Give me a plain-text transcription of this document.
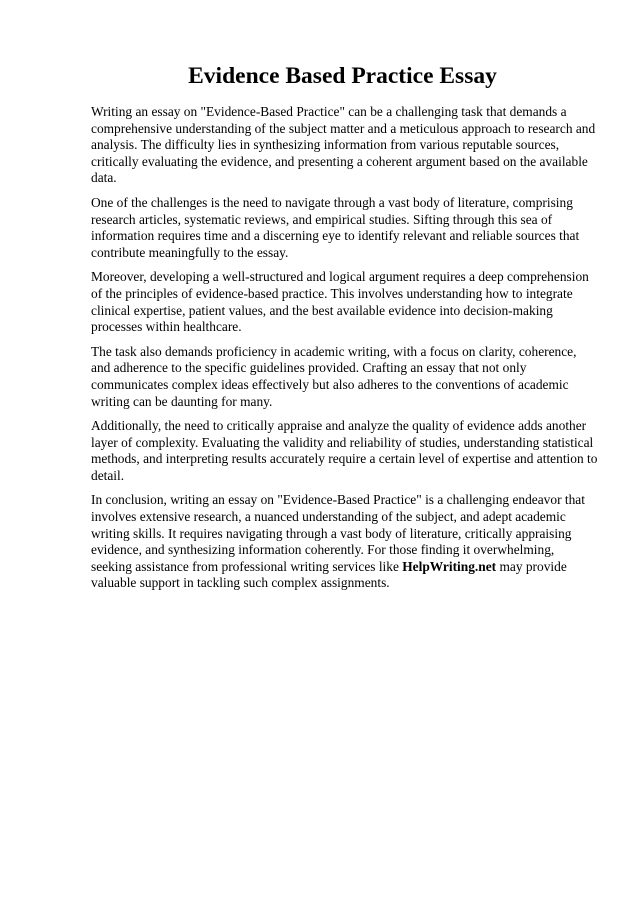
Evidence Based Practice Essay

Writing an essay on "Evidence-Based Practice" can be a challenging task that demands a comprehensive understanding of the subject matter and a meticulous approach to research and analysis. The difficulty lies in synthesizing information from various reputable sources, critically evaluating the evidence, and presenting a coherent argument based on the available data.

One of the challenges is the need to navigate through a vast body of literature, comprising research articles, systematic reviews, and empirical studies. Sifting through this sea of information requires time and a discerning eye to identify relevant and reliable sources that contribute meaningfully to the essay.

Moreover, developing a well-structured and logical argument requires a deep comprehension of the principles of evidence-based practice. This involves understanding how to integrate clinical expertise, patient values, and the best available evidence into decision-making processes within healthcare.

The task also demands proficiency in academic writing, with a focus on clarity, coherence, and adherence to the specific guidelines provided. Crafting an essay that not only communicates complex ideas effectively but also adheres to the conventions of academic writing can be daunting for many.

Additionally, the need to critically appraise and analyze the quality of evidence adds another layer of complexity. Evaluating the validity and reliability of studies, understanding statistical methods, and interpreting results accurately require a certain level of expertise and attention to detail.

In conclusion, writing an essay on "Evidence-Based Practice" is a challenging endeavor that involves extensive research, a nuanced understanding of the subject, and adept academic writing skills. It requires navigating through a vast body of literature, critically appraising evidence, and synthesizing information coherently. For those finding it overwhelming, seeking assistance from professional writing services like HelpWriting.net may provide valuable support in tackling such complex assignments.
